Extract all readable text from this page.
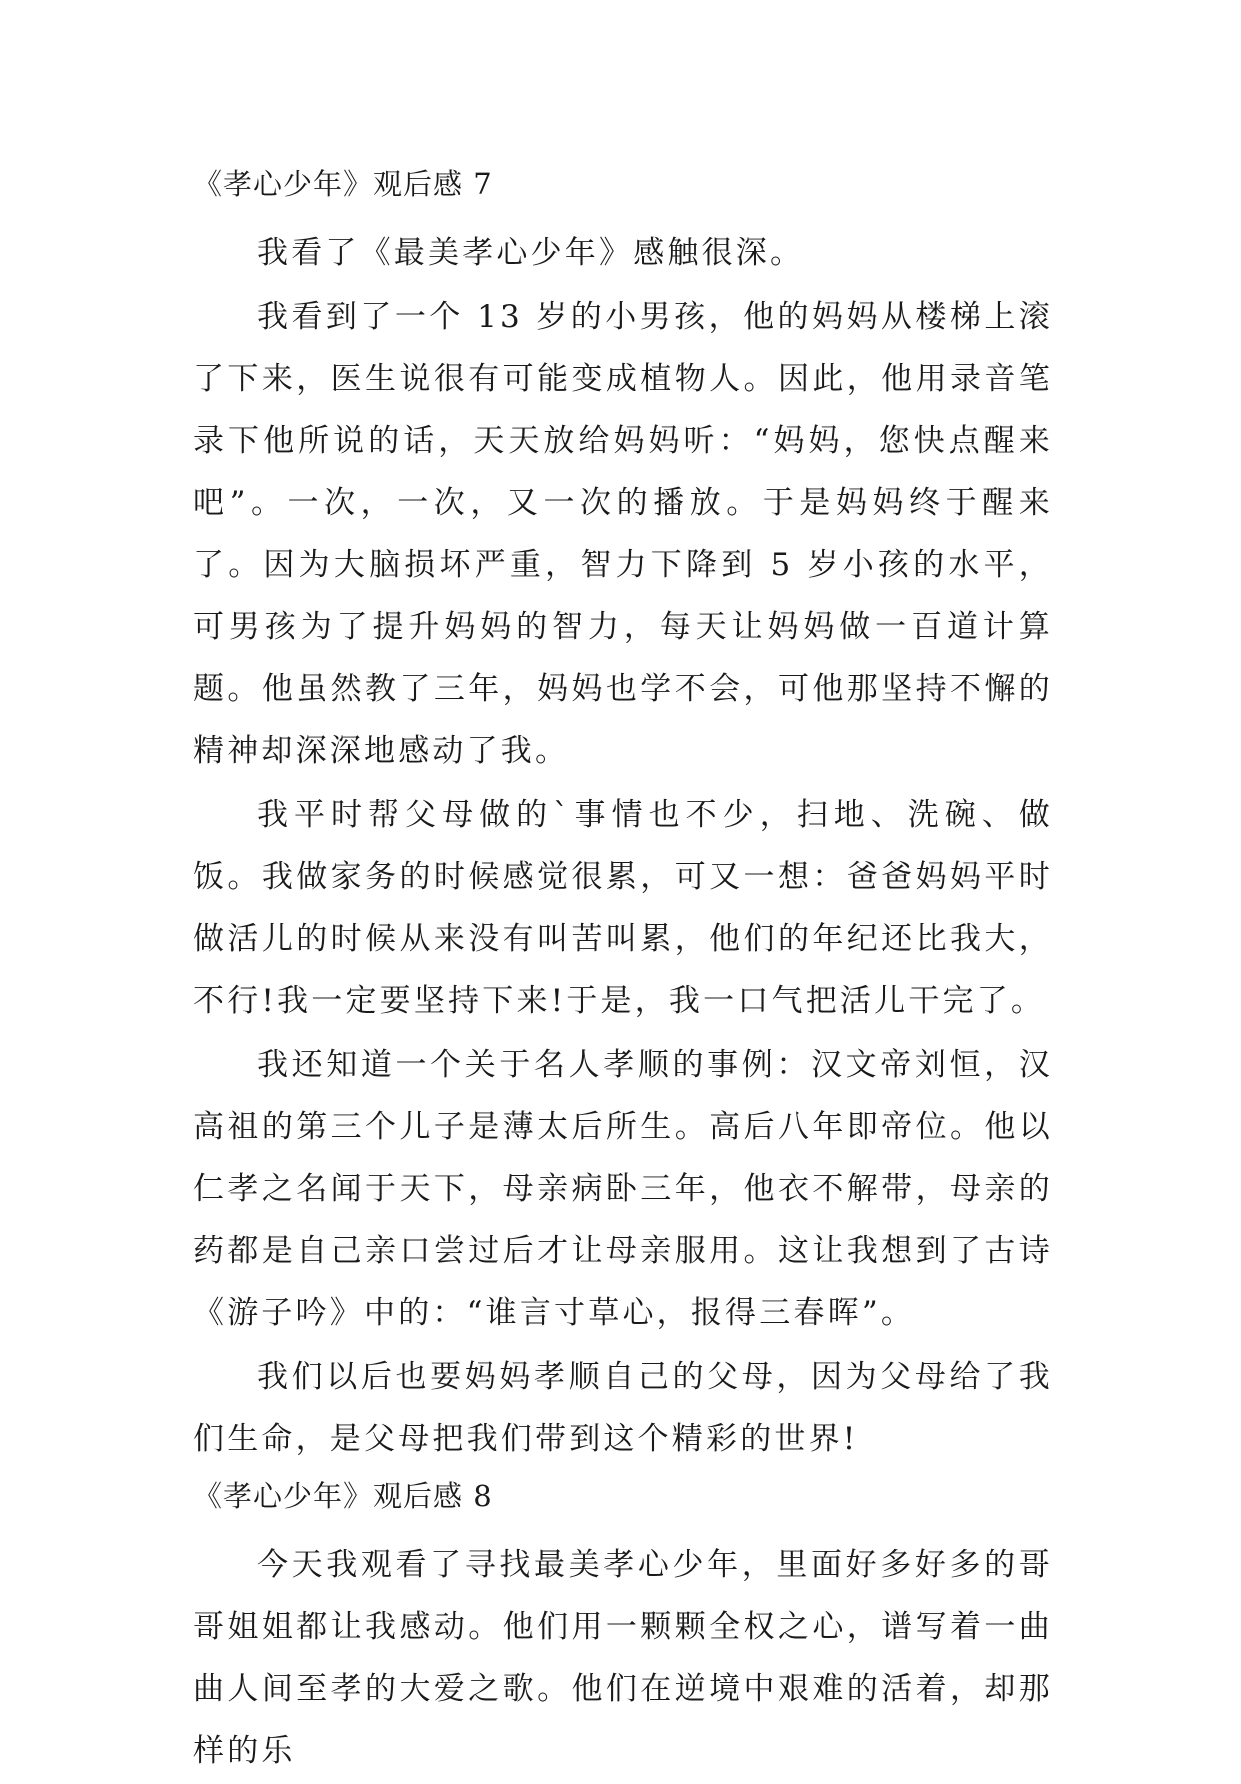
《孝心少年》观后感 7

我看了《最美孝心少年》感触很深。

我看到了一个 13 岁的小男孩，他的妈妈从楼梯上滚了下来，医生说很有可能变成植物人。因此，他用录音笔录下他所说的话，天天放给妈妈听：“妈妈，您快点醒来吧”。一次，一次，又一次的播放。于是妈妈终于醒来了。因为大脑损坏严重，智力下降到 5 岁小孩的水平，可男孩为了提升妈妈的智力，每天让妈妈做一百道计算题。他虽然教了三年，妈妈也学不会，可他那坚持不懈的精神却深深地感动了我。

我平时帮父母做的`事情也不少，扫地、洗碗、做饭。我做家务的时候感觉很累，可又一想：爸爸妈妈平时做活儿的时候从来没有叫苦叫累，他们的年纪还比我大，不行!我一定要坚持下来!于是，我一口气把活儿干完了。

我还知道一个关于名人孝顺的事例：汉文帝刘恒，汉高祖的第三个儿子是薄太后所生。高后八年即帝位。他以仁孝之名闻于天下，母亲病卧三年，他衣不解带，母亲的药都是自己亲口尝过后才让母亲服用。这让我想到了古诗《游子吟》中的：“谁言寸草心，报得三春晖”。

我们以后也要妈妈孝顺自己的父母，因为父母给了我们生命，是父母把我们带到这个精彩的世界!

《孝心少年》观后感 8

今天我观看了寻找最美孝心少年，里面好多好多的哥哥姐姐都让我感动。他们用一颗颗全权之心，谱写着一曲曲人间至孝的大爱之歌。他们在逆境中艰难的活着，却那样的乐
